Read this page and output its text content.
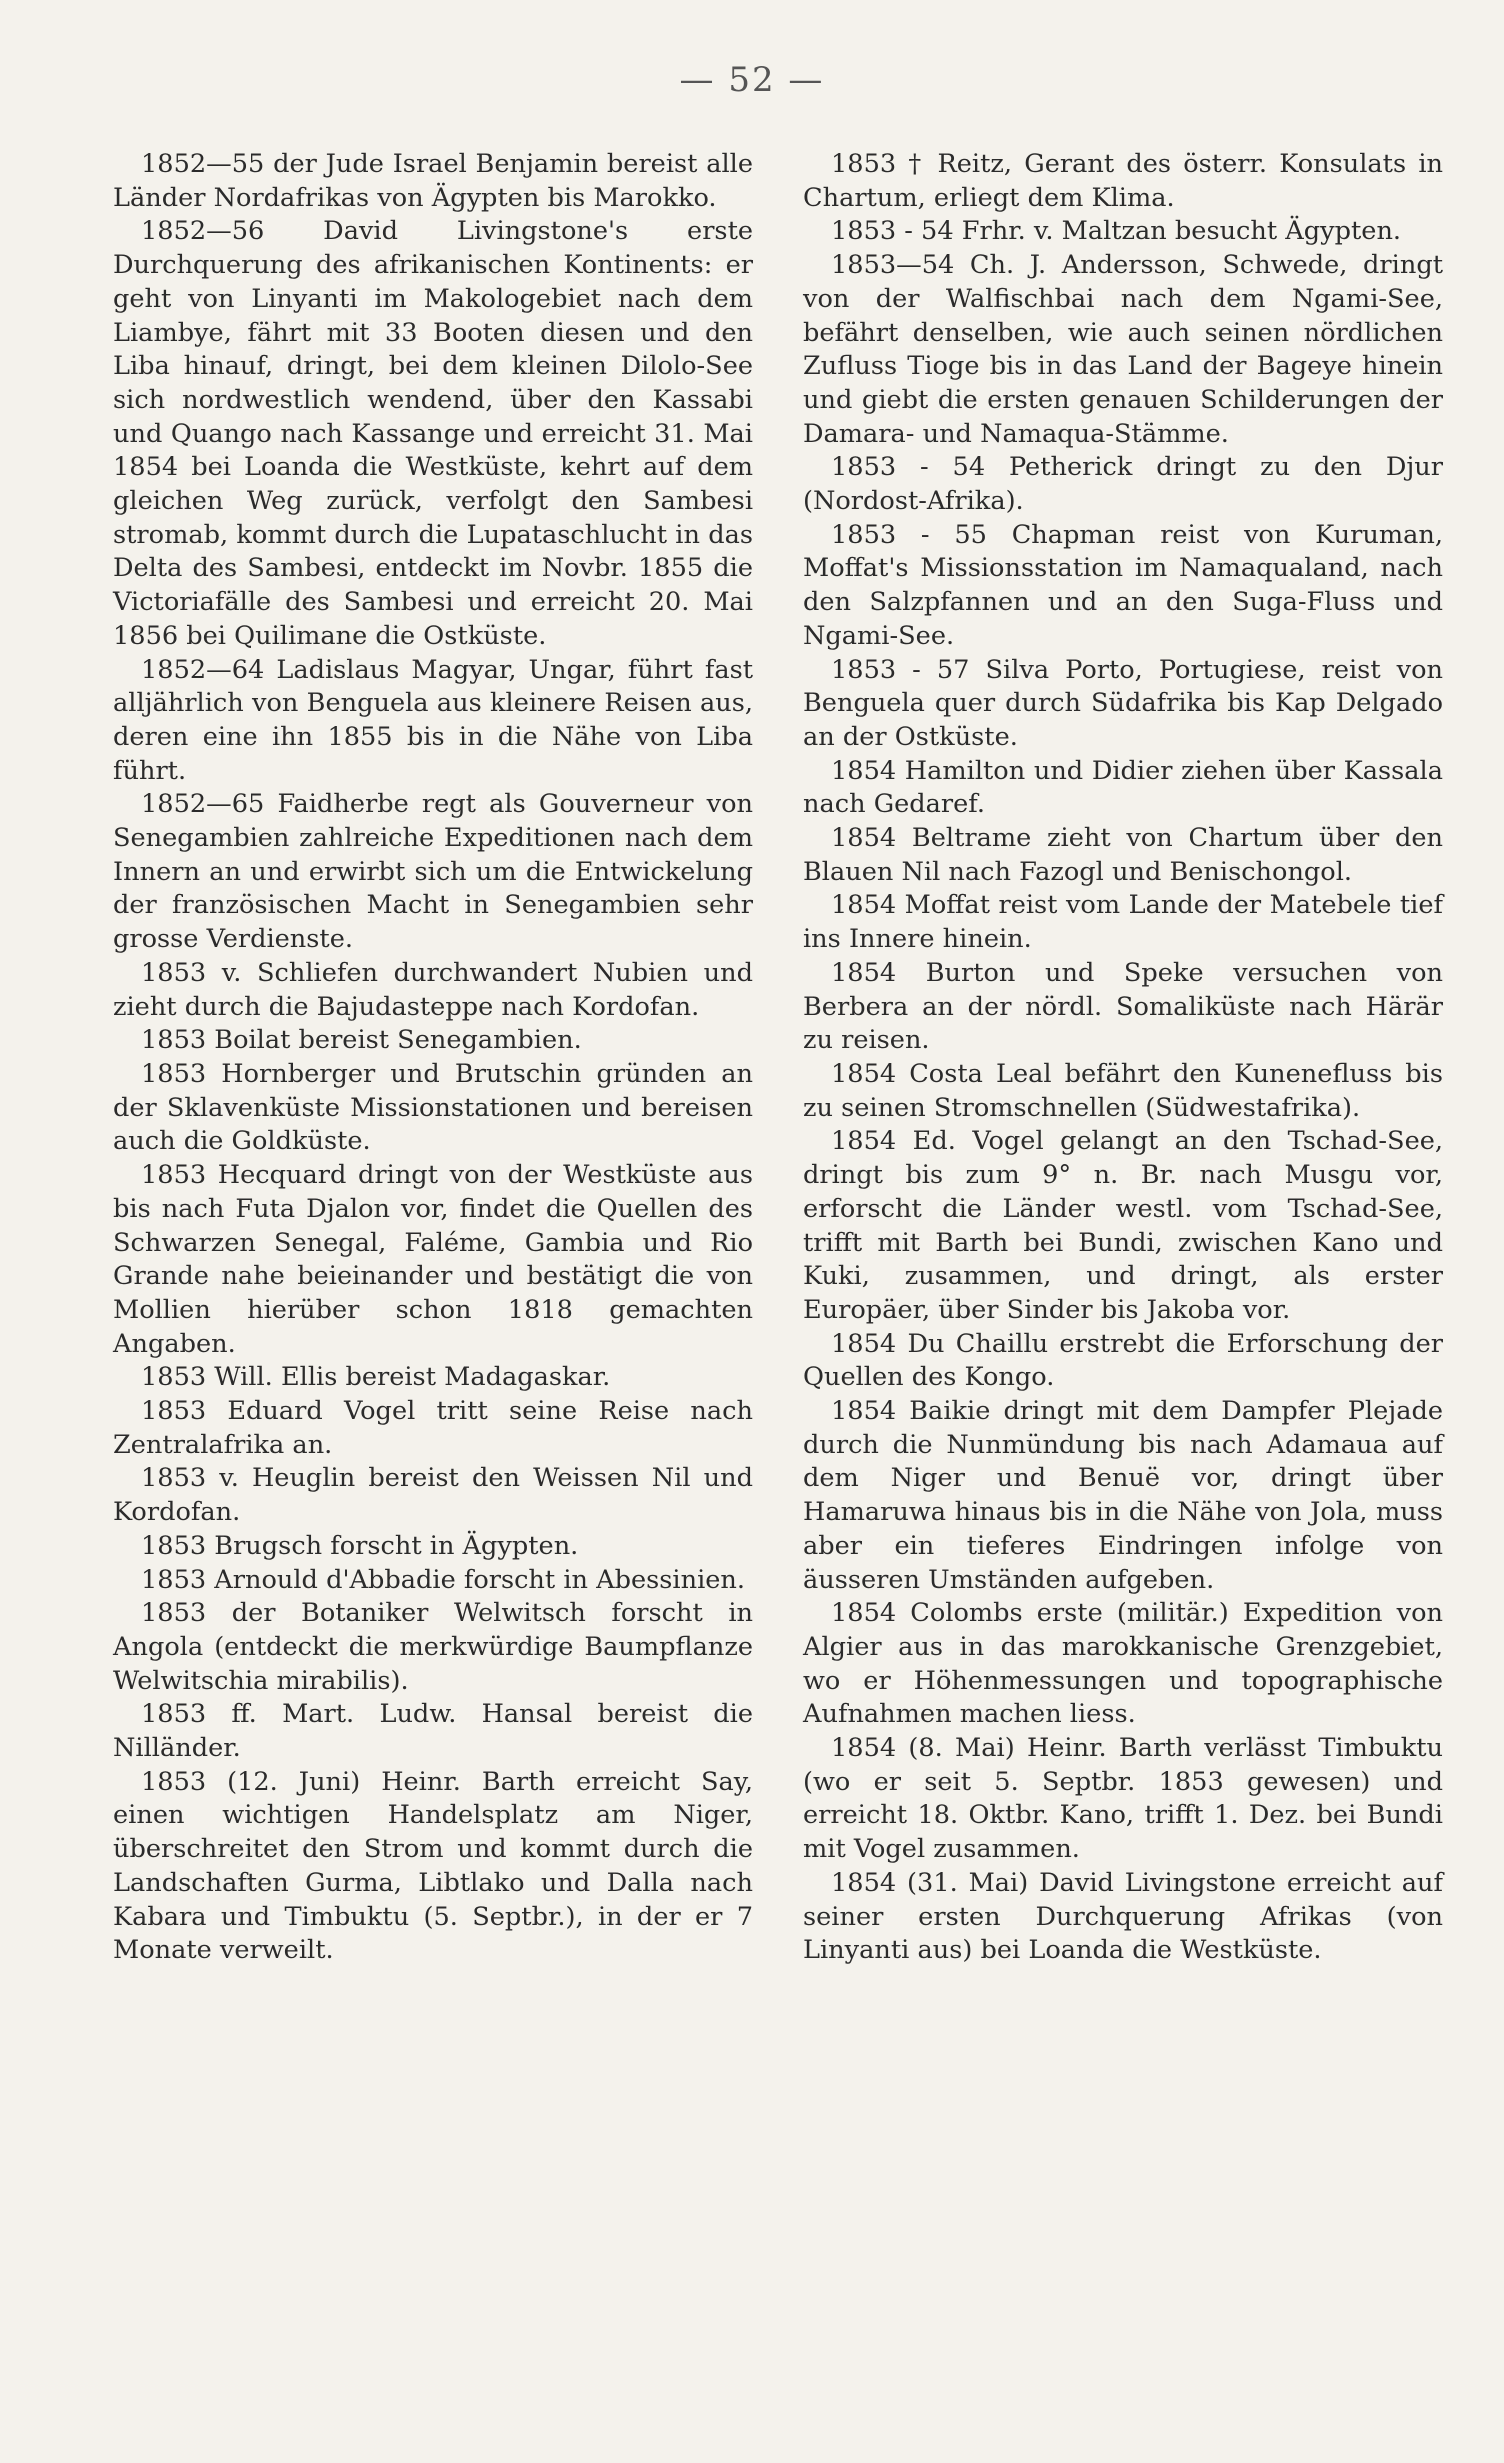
— 52 —

1852—55 der Jude Israel Benjamin bereist alle Länder Nordafrikas von Ägypten bis Marokko.

1852—56 David Livingstone's erste Durchquerung des afrikanischen Kontinents: er geht von Linyanti im Makologebiet nach dem Liambye, fährt mit 33 Booten diesen und den Liba hinauf, dringt, bei dem kleinen Dilolo-See sich nordwestlich wendend, über den Kassabi und Quango nach Kassange und erreicht 31. Mai 1854 bei Loanda die Westküste, kehrt auf dem gleichen Weg zurück, verfolgt den Sambesi stromab, kommt durch die Lupataschlucht in das Delta des Sambesi, entdeckt im Novbr. 1855 die Victoriafälle des Sambesi und erreicht 20. Mai 1856 bei Quilimane die Ostküste.

1852—64 Ladislaus Magyar, Ungar, führt fast alljährlich von Benguela aus kleinere Reisen aus, deren eine ihn 1855 bis in die Nähe von Liba führt.

1852—65 Faidherbe regt als Gouverneur von Senegambien zahlreiche Expeditionen nach dem Innern an und erwirbt sich um die Entwickelung der französischen Macht in Senegambien sehr grosse Verdienste.

1853 v. Schliefen durchwandert Nubien und zieht durch die Bajudasteppe nach Kordofan.

1853 Boilat bereist Senegambien.

1853 Hornberger und Brutschin gründen an der Sklavenküste Missionstationen und bereisen auch die Goldküste.

1853 Hecquard dringt von der Westküste aus bis nach Futa Djalon vor, findet die Quellen des Schwarzen Senegal, Faléme, Gambia und Rio Grande nahe beieinander und bestätigt die von Mollien hierüber schon 1818 gemachten Angaben.

1853 Will. Ellis bereist Madagaskar.

1853 Eduard Vogel tritt seine Reise nach Zentralafrika an.

1853 v. Heuglin bereist den Weissen Nil und Kordofan.

1853 Brugsch forscht in Ägypten.

1853 Arnould d'Abbadie forscht in Abessinien.

1853 der Botaniker Welwitsch forscht in Angola (entdeckt die merkwürdige Baumpflanze Welwitschia mirabilis).

1853 ff. Mart. Ludw. Hansal bereist die Nilländer.

1853 (12. Juni) Heinr. Barth erreicht Say, einen wichtigen Handelsplatz am Niger, überschreitet den Strom und kommt durch die Landschaften Gurma, Libtlako und Dalla nach Kabara und Timbuktu (5. Septbr.), in der er 7 Monate verweilt.

1853 † Reitz, Gerant des österr. Konsulats in Chartum, erliegt dem Klima.

1853 - 54 Frhr. v. Maltzan besucht Ägypten.

1853—54 Ch. J. Andersson, Schwede, dringt von der Walfischbai nach dem Ngami-See, befährt denselben, wie auch seinen nördlichen Zufluss Tioge bis in das Land der Bageye hinein und giebt die ersten genauen Schilderungen der Damara- und Namaqua-Stämme.

1853 - 54 Petherick dringt zu den Djur (Nordost-Afrika).

1853 - 55 Chapman reist von Kuruman, Moffat's Missionsstation im Namaqualand, nach den Salzpfannen und an den Suga-Fluss und Ngami-See.

1853 - 57 Silva Porto, Portugiese, reist von Benguela quer durch Südafrika bis Kap Delgado an der Ostküste.

1854 Hamilton und Didier ziehen über Kassala nach Gedaref.

1854 Beltrame zieht von Chartum über den Blauen Nil nach Fazogl und Benischongol.

1854 Moffat reist vom Lande der Matebele tief ins Innere hinein.

1854 Burton und Speke versuchen von Berbera an der nördl. Somaliküste nach Härär zu reisen.

1854 Costa Leal befährt den Kunenefluss bis zu seinen Stromschnellen (Südwestafrika).

1854 Ed. Vogel gelangt an den Tschad-See, dringt bis zum 9° n. Br. nach Musgu vor, erforscht die Länder westl. vom Tschad-See, trifft mit Barth bei Bundi, zwischen Kano und Kuki, zusammen, und dringt, als erster Europäer, über Sinder bis Jakoba vor.

1854 Du Chaillu erstrebt die Erforschung der Quellen des Kongo.

1854 Baikie dringt mit dem Dampfer Plejade durch die Nunmündung bis nach Adamaua auf dem Niger und Benuë vor, dringt über Hamaruwa hinaus bis in die Nähe von Jola, muss aber ein tieferes Eindringen infolge von äusseren Umständen aufgeben.

1854 Colombs erste (militär.) Expedition von Algier aus in das marokkanische Grenzgebiet, wo er Höhenmessungen und topographische Aufnahmen machen liess.

1854 (8. Mai) Heinr. Barth verlässt Timbuktu (wo er seit 5. Septbr. 1853 gewesen) und erreicht 18. Oktbr. Kano, trifft 1. Dez. bei Bundi mit Vogel zusammen.

1854 (31. Mai) David Livingstone erreicht auf seiner ersten Durchquerung Afrikas (von Linyanti aus) bei Loanda die Westküste.
